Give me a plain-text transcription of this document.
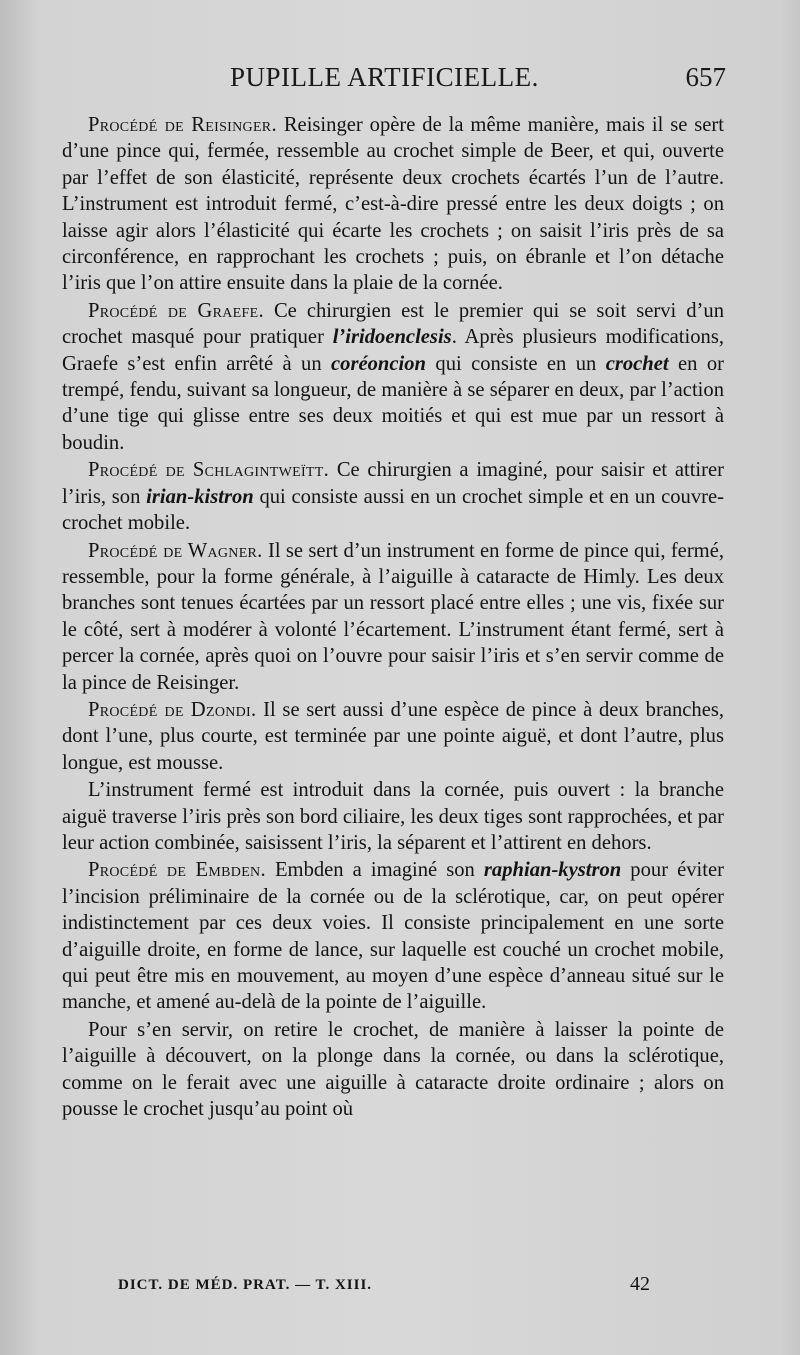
PUPILLE ARTIFICIELLE.	657

Procédé de Reisinger. Reisinger opère de la même manière, mais il se sert d’une pince qui, fermée, ressemble au crochet simple de Beer, et qui, ouverte par l’effet de son élasticité, représente deux crochets écartés l’un de l’autre. L’instrument est introduit fermé, c’est-à-dire pressé entre les deux doigts ; on laisse agir alors l’élasticité qui écarte les crochets ; on saisit l’iris près de sa circonférence, en rapprochant les crochets ; puis, on ébranle et l’on détache l’iris que l’on attire ensuite dans la plaie de la cornée.

Procédé de Graefe. Ce chirurgien est le premier qui se soit servi d’un crochet masqué pour pratiquer l’iridoenclesis. Après plusieurs modifications, Graefe s’est enfin arrêté à un coréoncion qui consiste en un crochet en or trempé, fendu, suivant sa longueur, de manière à se séparer en deux, par l’action d’une tige qui glisse entre ses deux moitiés et qui est mue par un ressort à boudin.

Procédé de Schlagintweïtt. Ce chirurgien a imaginé, pour saisir et attirer l’iris, son irian-kistron qui consiste aussi en un crochet simple et en un couvre-crochet mobile.

Procédé de Wagner. Il se sert d’un instrument en forme de pince qui, fermé, ressemble, pour la forme générale, à l’aiguille à cataracte de Himly. Les deux branches sont tenues écartées par un ressort placé entre elles ; une vis, fixée sur le côté, sert à modérer à volonté l’écartement. L’instrument étant fermé, sert à percer la cornée, après quoi on l’ouvre pour saisir l’iris et s’en servir comme de la pince de Reisinger.

Procédé de Dzondi. Il se sert aussi d’une espèce de pince à deux branches, dont l’une, plus courte, est terminée par une pointe aiguë, et dont l’autre, plus longue, est mousse.

L’instrument fermé est introduit dans la cornée, puis ouvert : la branche aiguë traverse l’iris près son bord ciliaire, les deux tiges sont rapprochées, et par leur action combinée, saisissent l’iris, la séparent et l’attirent en dehors.

Procédé de Embden. Embden a imaginé son raphian-kystron pour éviter l’incision préliminaire de la cornée ou de la sclérotique, car, on peut opérer indistinctement par ces deux voies. Il consiste principalement en une sorte d’aiguille droite, en forme de lance, sur laquelle est couché un crochet mobile, qui peut être mis en mouvement, au moyen d’une espèce d’anneau situé sur le manche, et amené au-delà de la pointe de l’aiguille.

Pour s’en servir, on retire le crochet, de manière à laisser la pointe de l’aiguille à découvert, on la plonge dans la cornée, ou dans la sclérotique, comme on le ferait avec une aiguille à cataracte droite ordinaire ; alors on pousse le crochet jusqu’au point où

DICT. DE MÉD. PRAT. — T. XIII.	42
